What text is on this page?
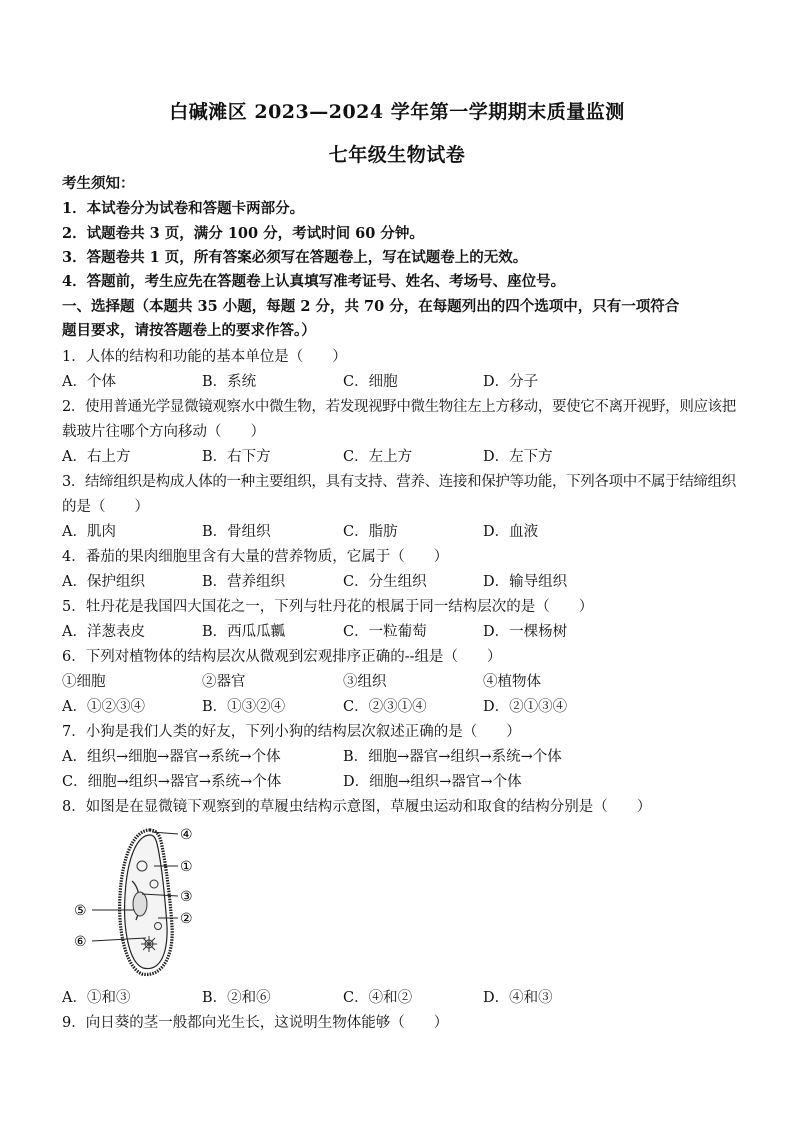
白碱滩区 2023—2024 学年第一学期期末质量监测
七年级生物试卷
考生须知：
1．本试卷分为试卷和答题卡两部分。
2．试题卷共 3 页，满分 100 分，考试时间 60 分钟。
3．答题卷共 1 页，所有答案必须写在答题卷上，写在试题卷上的无效。
4．答题前，考生应先在答题卷上认真填写准考证号、姓名、考场号、座位号。
一、选择题（本题共 35 小题，每题 2 分，共 70 分，在每题列出的四个选项中，只有一项符合
题目要求，请按答题卷上的要求作答。）
1．人体的结构和功能的基本单位是（　　）
A．个体	B．系统	C．细胞	D．分子
2．使用普通光学显微镜观察水中微生物，若发现视野中微生物往左上方移动，要使它不离开视野，则应该把
载玻片往哪个方向移动（　　）
A．右上方	B．右下方	C．左上方	D．左下方
3．结缔组织是构成人体的一种主要组织，具有支持、营养、连接和保护等功能，下列各项中不属于结缔组织
的是（　　）
A．肌肉	B．骨组织	C．脂肪	D．血液
4．番茄的果肉细胞里含有大量的营养物质，它属于（　　）
A．保护组织	B．营养组织	C．分生组织	D．输导组织
5．牡丹花是我国四大国花之一，下列与牡丹花的根属于同一结构层次的是（　　）
A．洋葱表皮	B．西瓜瓜瓤	C．一粒葡萄	D．一棵杨树
6．下列对植物体的结构层次从微观到宏观排序正确的--组是（　　）
①细胞	②器官	③组织	④植物体
A．①②③④	B．①③②④	C．②③①④	D．②①③④
7．小狗是我们人类的好友，下列小狗的结构层次叙述正确的是（　　）
A．组织→细胞→器官→系统→个体	B．细胞→器官→组织→系统→个体
C．细胞→组织→器官→系统→个体	D．细胞→组织→器官→个体
8．如图是在显微镜下观察到的草履虫结构示意图，草履虫运动和取食的结构分别是（　　）
④
①
③
⑤	②
⑥
A．①和③	B．②和⑥	C．④和②	D．④和③
9．向日葵的茎一般都向光生长，这说明生物体能够（　　）
